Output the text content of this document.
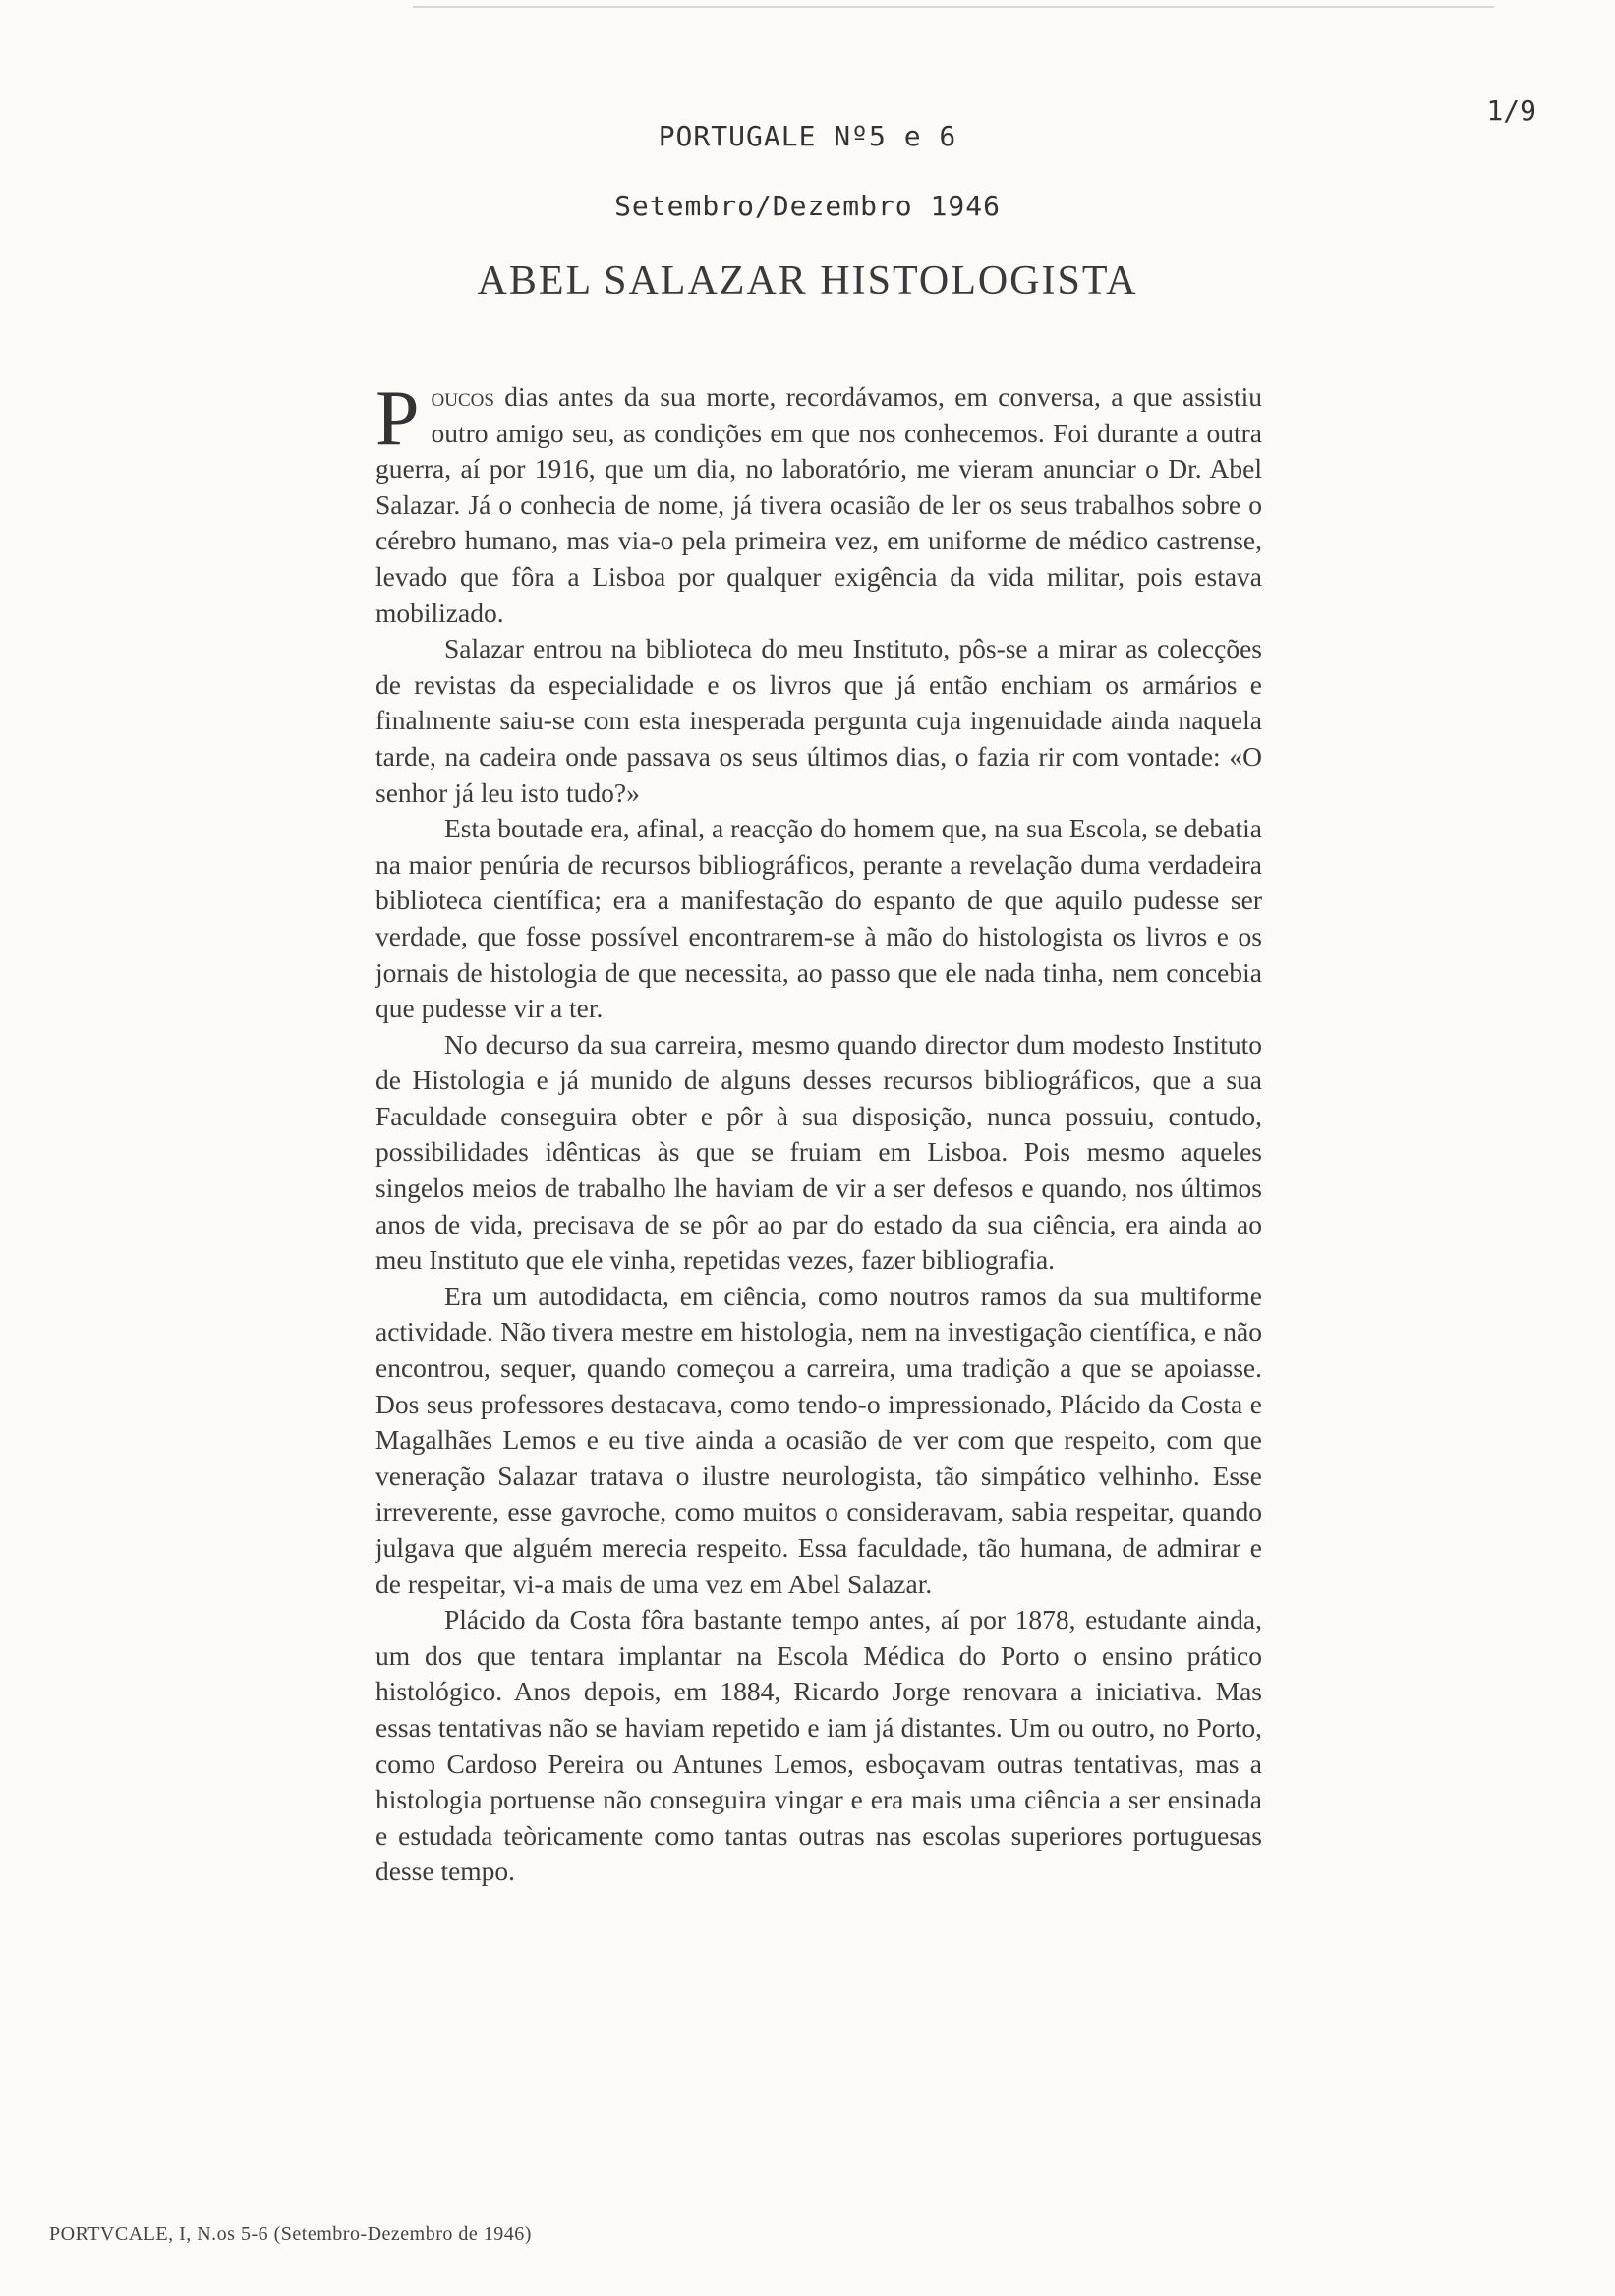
1/9
PORTUGALE Nº5 e 6
Setembro/Dezembro 1946
ABEL SALAZAR HISTOLOGISTA

Poucos dias antes da sua morte, recordávamos, em conversa, a que assistiu outro amigo seu, as condições em que nos conhecemos. Foi durante a outra guerra, aí por 1916, que um dia, no laboratório, me vieram anunciar o Dr. Abel Salazar. Já o conhecia de nome, já tivera ocasião de ler os seus trabalhos sobre o cérebro humano, mas via-o pela primeira vez, em uniforme de médico castrense, levado que fôra a Lisboa por qualquer exigência da vida militar, pois estava mobilizado.

Salazar entrou na biblioteca do meu Instituto, pôs-se a mirar as colecções de revistas da especialidade e os livros que já então enchiam os armários e finalmente saiu-se com esta inesperada pergunta cuja ingenuidade ainda naquela tarde, na cadeira onde passava os seus últimos dias, o fazia rir com vontade: «O senhor já leu isto tudo?»

Esta boutade era, afinal, a reacção do homem que, na sua Escola, se debatia na maior penúria de recursos bibliográficos, perante a revelação duma verdadeira biblioteca científica; era a manifestação do espanto de que aquilo pudesse ser verdade, que fosse possível encontrarem-se à mão do histologista os livros e os jornais de histologia de que necessita, ao passo que ele nada tinha, nem concebia que pudesse vir a ter.

No decurso da sua carreira, mesmo quando director dum modesto Instituto de Histologia e já munido de alguns desses recursos bibliográficos, que a sua Faculdade conseguira obter e pôr à sua disposição, nunca possuiu, contudo, possibilidades idênticas às que se fruiam em Lisboa. Pois mesmo aqueles singelos meios de trabalho lhe haviam de vir a ser defesos e quando, nos últimos anos de vida, precisava de se pôr ao par do estado da sua ciência, era ainda ao meu Instituto que ele vinha, repetidas vezes, fazer bibliografia.

Era um autodidacta, em ciência, como noutros ramos da sua multiforme actividade. Não tivera mestre em histologia, nem na investigação científica, e não encontrou, sequer, quando começou a carreira, uma tradição a que se apoiasse. Dos seus professores destacava, como tendo-o impressionado, Plácido da Costa e Magalhães Lemos e eu tive ainda a ocasião de ver com que respeito, com que veneração Salazar tratava o ilustre neurologista, tão simpático velhinho. Esse irreverente, esse gavroche, como muitos o consideravam, sabia respeitar, quando julgava que alguém merecia respeito. Essa faculdade, tão humana, de admirar e de respeitar, vi-a mais de uma vez em Abel Salazar.

Plácido da Costa fôra bastante tempo antes, aí por 1878, estudante ainda, um dos que tentara implantar na Escola Médica do Porto o ensino prático histológico. Anos depois, em 1884, Ricardo Jorge renovara a iniciativa. Mas essas tentativas não se haviam repetido e iam já distantes. Um ou outro, no Porto, como Cardoso Pereira ou Antunes Lemos, esboçavam outras tentativas, mas a histologia portuense não conseguira vingar e era mais uma ciência a ser ensinada e estudada teòricamente como tantas outras nas escolas superiores portuguesas desse tempo.

PORTVCALE, I, N.os 5-6 (Setembro-Dezembro de 1946)
